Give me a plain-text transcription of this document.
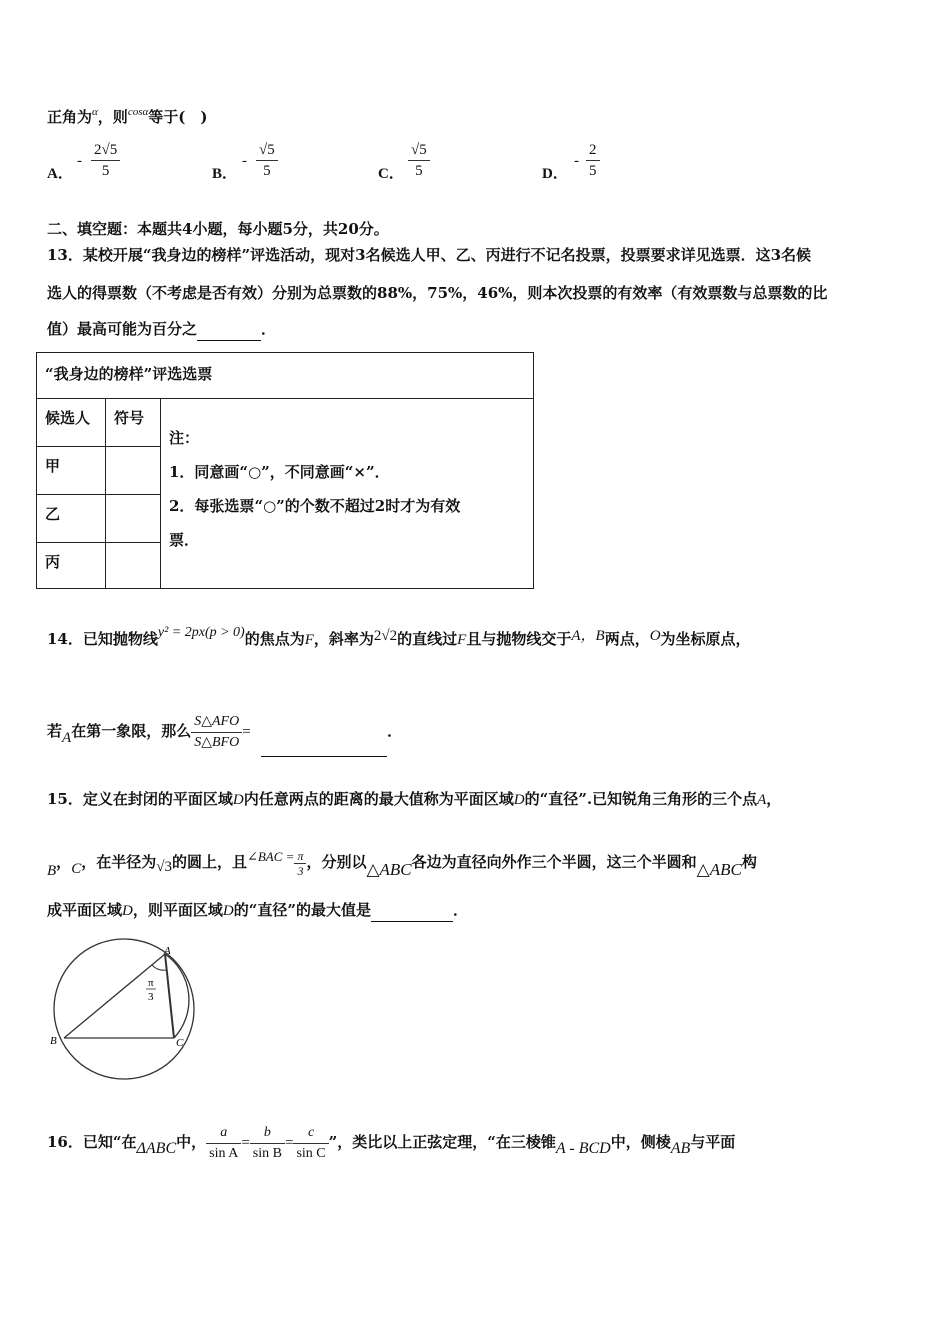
正角为$^\alpha$，则$^{cos\alpha}$等于(　)
A．
- $\frac{2√5}{5}$	B．
- $\frac{√5}{5}$	C． $\frac{√5}{5}$	D．
- $\frac{2}{5}$
二、填空题：本题共4小题，每小题5分，共20分。
13．某校开展“我身边的榜样”评选活动，现对3名候选人甲、乙、丙进行不记名投票，投票要求详见选票．这3名候
选人的得票数（不考虑是否有效）分别为总票数的88%，75%，46%，则本次投票的有效率（有效票数与总票数的比
值）最高可能为百分之	．
“我身边的榜样”评选选票		
候选人	符号	注：
1．同意画“○”，不同意画“×”．
2．每张选票“○”的个数不超过2时才为有效
票．

甲		
乙		
丙		
14．已知抛物线y² = 2px(p > 0)的焦点为F，斜率为2√2的直线过F且与抛物线交于A，B两点，O为坐标原点，
若A在第一象限，那么 $\frac{\text{S△AFO}}{\text{S△BFO}}$ =	．
15．定义在封闭的平面区域D内任意两点的距离的最大值称为平面区域D的“直径”.已知锐角三角形的三个点A，
B，C，在半径为√3的圆上，且∠BAC = $\frac{\pi}{3}$ ，分别以△ABC各边为直径向外作三个半圆，这三个半圆和△ABC构
成平面区域D，则平面区域D的“直径”的最大值是	．
A
B	C
π
3
16．已知“在ΔABC中， $\frac{a}{\text{sin A}} = \frac{b}{\text{sin B}} = \frac{c}{\text{sin C}}$ ”，类比以上正弦定理，“在三棱锥A - BCD中，侧棱AB与平面
